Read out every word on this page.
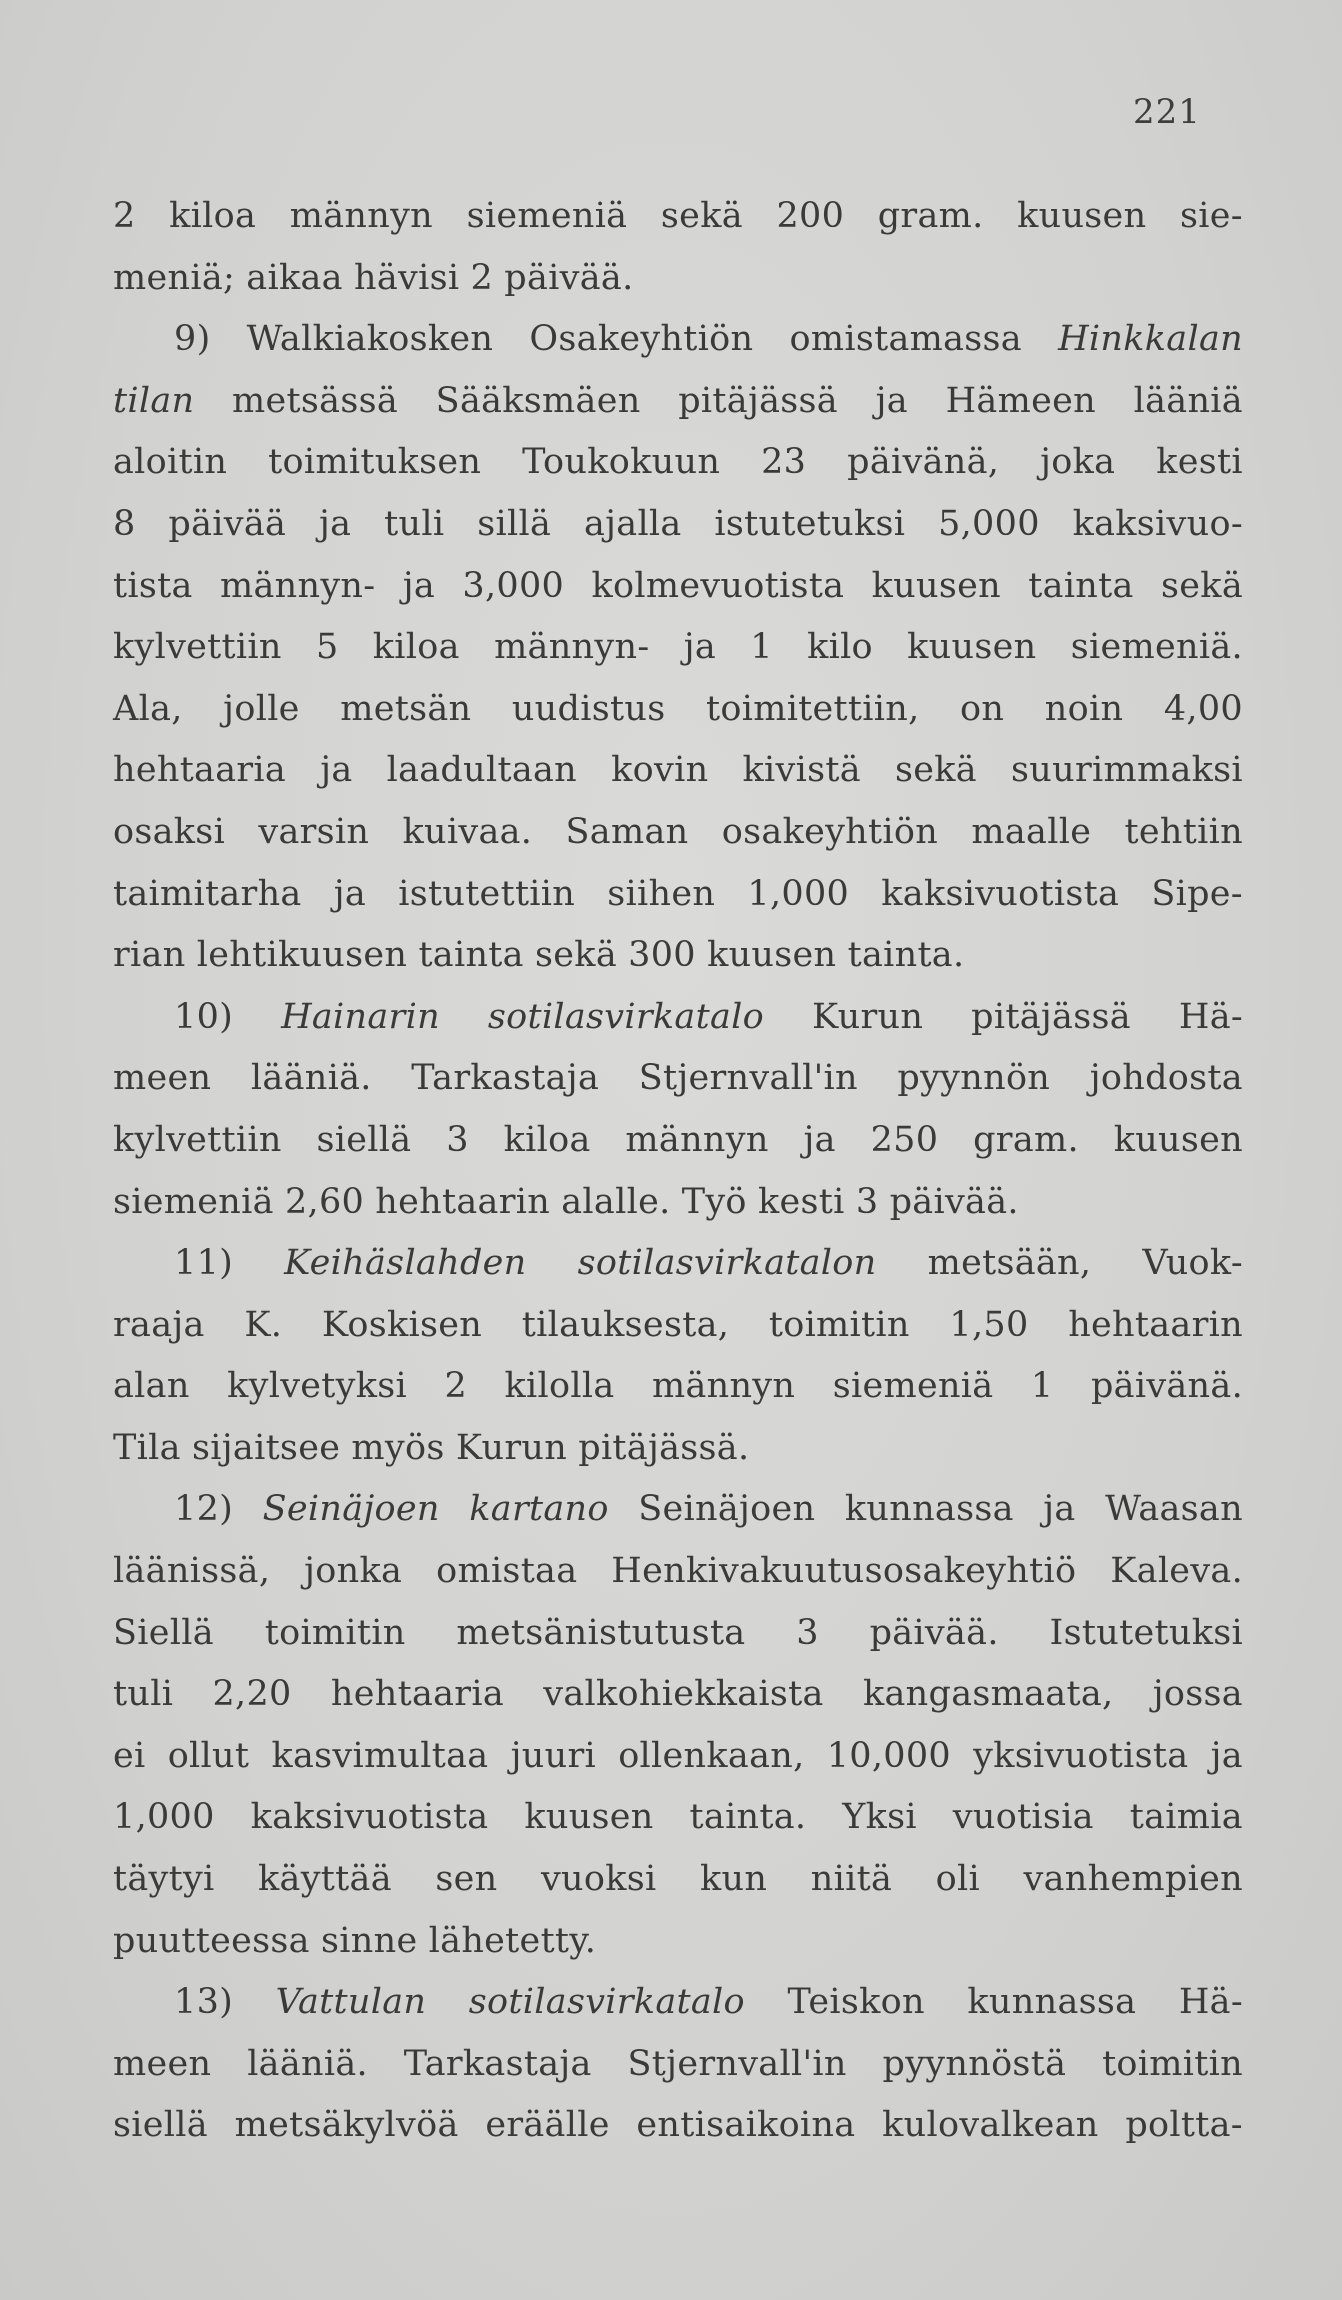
221
2 kiloa männyn siemeniä sekä 200 gram. kuusen sie-
meniä; aikaa hävisi 2 päivää.
9) Walkiakosken Osakeyhtiön omistamassa Hinkkalan
tilan metsässä Sääksmäen pitäjässä ja Hämeen lääniä
aloitin toimituksen Toukokuun 23 päivänä, joka kesti
8 päivää ja tuli sillä ajalla istutetuksi 5,000 kaksivuo-
tista männyn- ja 3,000 kolmevuotista kuusen tainta sekä
kylvettiin 5 kiloa männyn- ja 1 kilo kuusen siemeniä.
Ala, jolle metsän uudistus toimitettiin, on noin 4,00
hehtaaria ja laadultaan kovin kivistä sekä suurimmaksi
osaksi varsin kuivaa. Saman osakeyhtiön maalle tehtiin
taimitarha ja istutettiin siihen 1,000 kaksivuotista Sipe-
rian lehtikuusen tainta sekä 300 kuusen tainta.
10) Hainarin sotilasvirkatalo Kurun pitäjässä Hä-
meen lääniä. Tarkastaja Stjernvall'in pyynnön johdosta
kylvettiin siellä 3 kiloa männyn ja 250 gram. kuusen
siemeniä 2,60 hehtaarin alalle. Työ kesti 3 päivää.
11) Keihäslahden sotilasvirkatalon metsään, Vuok-
raaja K. Koskisen tilauksesta, toimitin 1,50 hehtaarin
alan kylvetyksi 2 kilolla männyn siemeniä 1 päivänä.
Tila sijaitsee myös Kurun pitäjässä.
12) Seinäjoen kartano Seinäjoen kunnassa ja Waasan
läänissä, jonka omistaa Henkivakuutusosakeyhtiö Kaleva.
Siellä toimitin metsänistutusta 3 päivää. Istutetuksi
tuli 2,20 hehtaaria valkohiekkaista kangasmaata, jossa
ei ollut kasvimultaa juuri ollenkaan, 10,000 yksivuotista ja
1,000 kaksivuotista kuusen tainta. Yksi vuotisia taimia
täytyi käyttää sen vuoksi kun niitä oli vanhempien
puutteessa sinne lähetetty.
13) Vattulan sotilasvirkatalo Teiskon kunnassa Hä-
meen lääniä. Tarkastaja Stjernvall'in pyynnöstä toimitin
siellä metsäkylvöä eräälle entisaikoina kulovalkean poltta-
